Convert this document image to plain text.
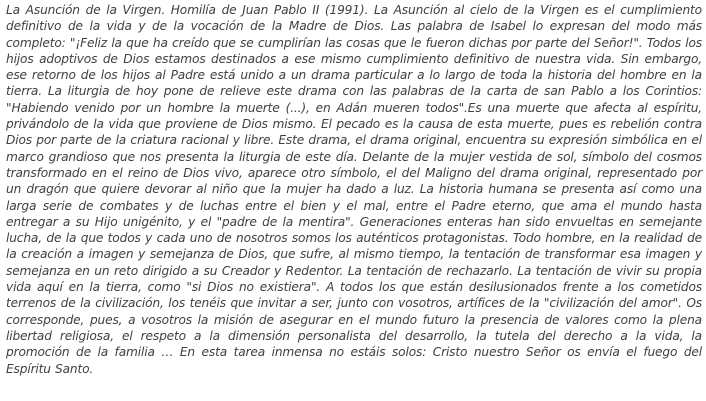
La Asunción de la Virgen. Homilía de Juan Pablo II (1991). La Asunción al cielo de la Virgen es el cumplimiento definitivo de la vida y de la vocación de la Madre de Dios. Las palabra de Isabel lo expresan del modo más completo: "¡Feliz la que ha creído que se cumplirían las cosas que le fueron dichas por parte del Señor!". Todos los hijos adoptivos de Dios estamos destinados a ese mismo cumplimiento definitivo de nuestra vida. Sin embargo, ese retorno de los hijos al Padre está unido a un drama particular a lo largo de toda la historia del hombre en la tierra. La liturgia de hoy pone de relieve este drama con las palabras de la carta de san Pablo a los Corintios: "Habiendo venido por un hombre la muerte (...), en Adán mueren todos".Es una muerte que afecta al espíritu, privándolo de la vida que proviene de Dios mismo. El pecado es la causa de esta muerte, pues es rebelión contra Dios por parte de la criatura racional y libre. Este drama, el drama original, encuentra su expresión simbólica en el marco grandioso que nos presenta la liturgia de este día. Delante de la mujer vestida de sol, símbolo del cosmos transformado en el reino de Dios vivo, aparece otro símbolo, el del Maligno del drama original, representado por un dragón que quiere devorar al niño que la mujer ha dado a luz. La historia humana se presenta así como una larga serie de combates y de luchas entre el bien y el mal, entre el Padre eterno, que ama el mundo hasta entregar a su Hijo unigénito, y el "padre de la mentira". Generaciones enteras han sido envueltas en semejante lucha, de la que todos y cada uno de nosotros somos los auténticos protagonistas. Todo hombre, en la realidad de la creación a imagen y semejanza de Dios, que sufre, al mismo tiempo, la tentación de transformar esa imagen y semejanza en un reto dirigido a su Creador y Redentor. La tentación de rechazarlo. La tentación de vivir su propia vida aquí en la tierra, como "si Dios no existiera". A todos los que están desilusionados frente a los cometidos terrenos de la civilización, los tenéis que invitar a ser, junto con vosotros, artífices de la "civilización del amor". Os corresponde, pues, a vosotros la misión de asegurar en el mundo futuro la presencia de valores como la plena libertad religiosa, el respeto a la dimensión personalista del desarrollo, la tutela del derecho a la vida, la promoción de la familia … En esta tarea inmensa no estáis solos: Cristo nuestro Señor os envía el fuego del Espíritu Santo.
